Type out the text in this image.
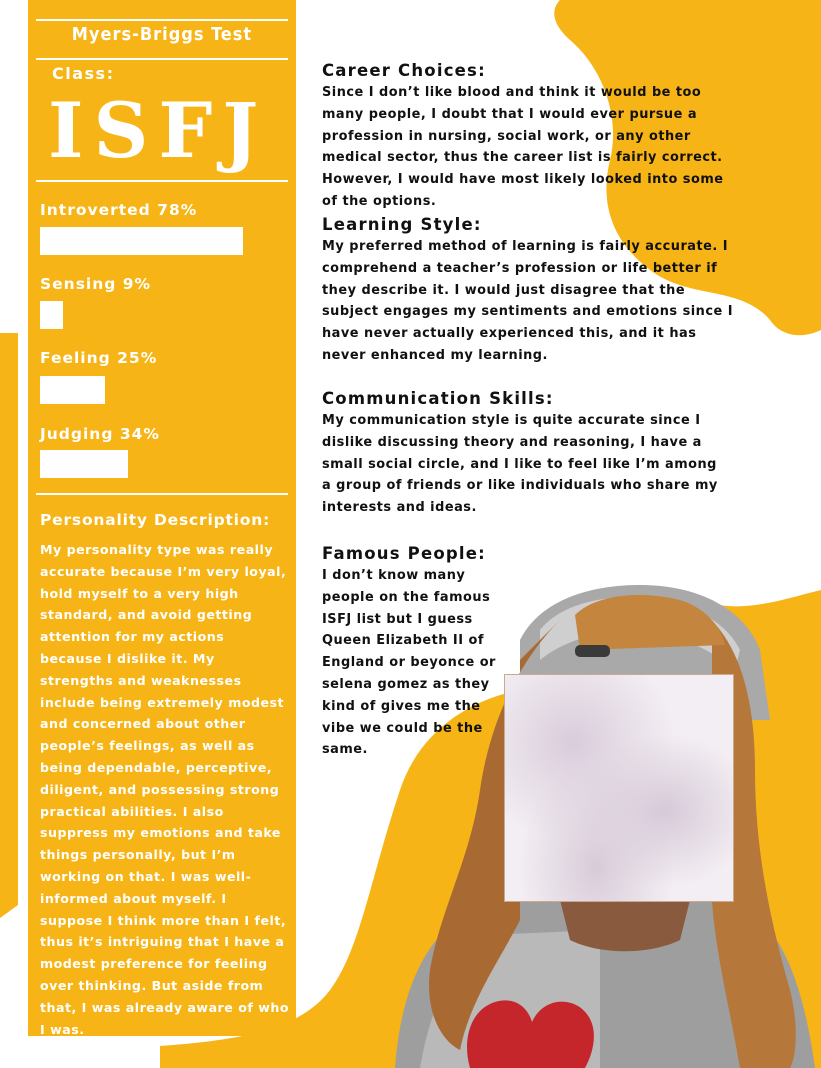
Myers-Briggs Test
Class:
ISFJ
Introverted 78%
Sensing 9%
Feeling 25%
Judging 34%
Personality Description:

My personality type was really accurate because I’m very loyal, hold myself to a very high standard, and avoid getting attention for my actions because I dislike it. My strengths and weaknesses include being extremely modest and concerned about other people’s feelings, as well as being dependable, perceptive, diligent, and possessing strong practical abilities. I also suppress my emotions and take things personally, but I’m working on that. I was well-informed about myself. I suppose I think more than I felt, thus it’s intriguing that I have a modest preference for feeling over thinking. But aside from that, I was already aware of who I was.

Career Choices:

Since I don’t like blood and think it would be too many people, I doubt that I would ever pursue a profession in nursing, social work, or any other medical sector, thus the career list is fairly correct. However, I would have most likely looked into some of the options.

Learning Style:

My preferred method of learning is fairly accurate. I comprehend a teacher’s profession or life better if they describe it. I would just disagree that the subject engages my sentiments and emotions since I have never actually experienced this, and it has never enhanced my learning.

Communication Skills:

My communication style is quite accurate since I dislike discussing theory and reasoning, I have a small social circle, and I like to feel like I’m among a group of friends or like individuals who share my interests and ideas.

Famous People:

I don’t know many people on the famous ISFJ list but I guess Queen Elizabeth II of England or beyonce or selena gomez as they kind of gives me the vibe we could be the same.
